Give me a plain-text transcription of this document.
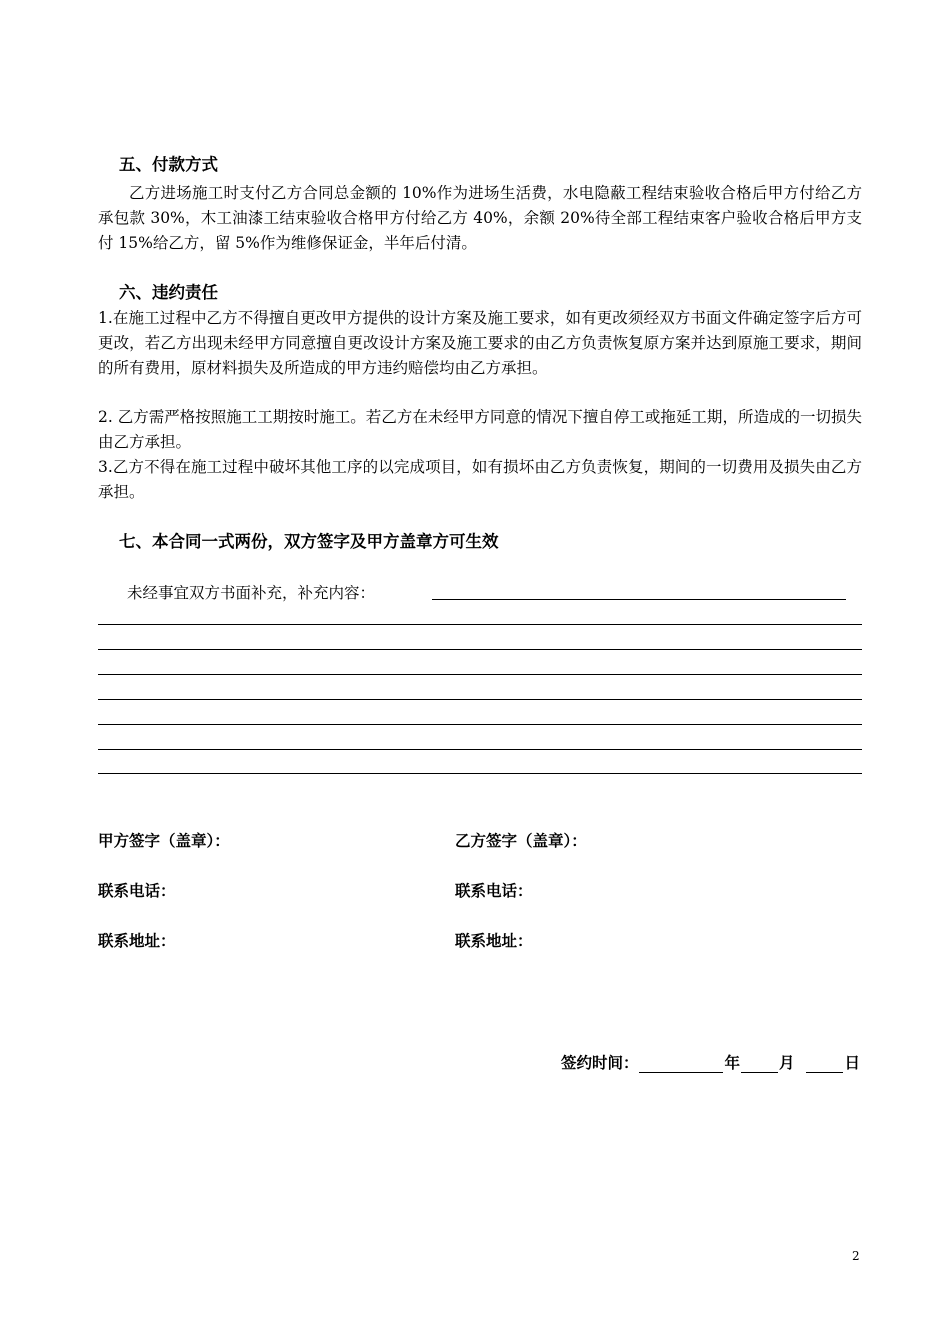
五、付款方式
乙方进场施工时支付乙方合同总金额的 10%作为进场生活费，水电隐蔽工程结束验收合格后甲方付给乙方承包款 30%，木工油漆工结束验收合格甲方付给乙方 40%，余额 20%待全部工程结束客户验收合格后甲方支付 15%给乙方，留 5%作为维修保证金，半年后付清。
六、违约责任
1.在施工过程中乙方不得擅自更改甲方提供的设计方案及施工要求，如有更改须经双方书面文件确定签字后方可更改，若乙方出现未经甲方同意擅自更改设计方案及施工要求的由乙方负责恢复原方案并达到原施工要求，期间的所有费用，原材料损失及所造成的甲方违约赔偿均由乙方承担。
2. 乙方需严格按照施工工期按时施工。若乙方在未经甲方同意的情况下擅自停工或拖延工期，所造成的一切损失由乙方承担。
3.乙方不得在施工过程中破坏其他工序的以完成项目，如有损坏由乙方负责恢复，期间的一切费用及损失由乙方承担。
七、本合同一式两份，双方签字及甲方盖章方可生效
未经事宜双方书面补充，补充内容：
甲方签字（盖章）：	乙方签字（盖章）：
联系电话：	联系电话：
联系地址：	联系地址：
签约时间：	年	月	日
2
